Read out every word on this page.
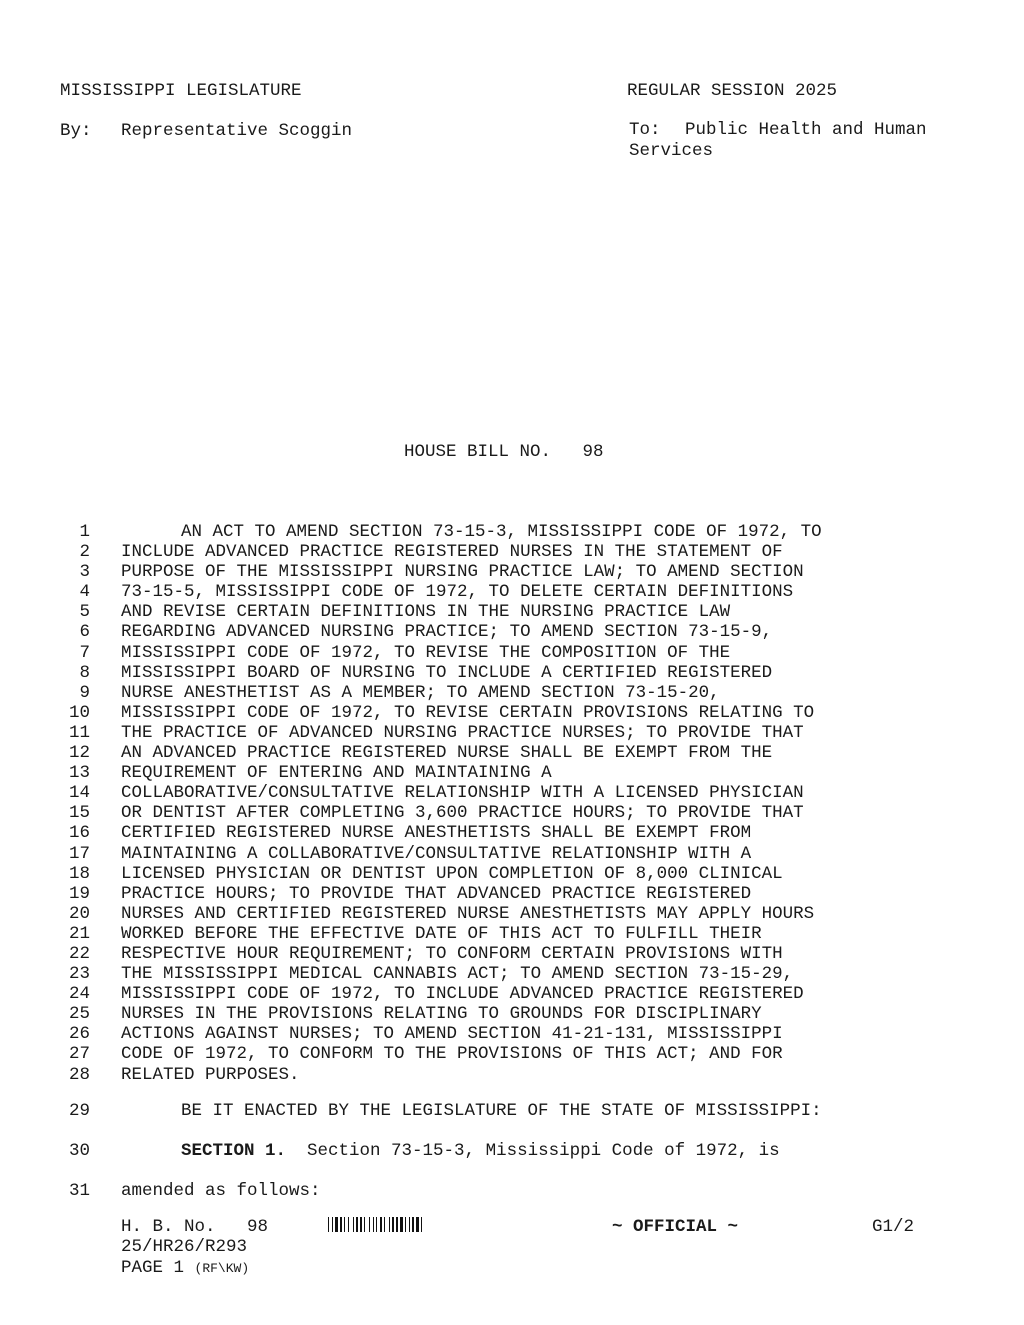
MISSISSIPPI LEGISLATURE	REGULAR SESSION 2025
By: Representative Scoggin	To: Public Health and Human
Services
HOUSE BILL NO.   98
1	AN ACT TO AMEND SECTION 73-15-3, MISSISSIPPI CODE OF 1972, TO
2 INCLUDE ADVANCED PRACTICE REGISTERED NURSES IN THE STATEMENT OF
3 PURPOSE OF THE MISSISSIPPI NURSING PRACTICE LAW; TO AMEND SECTION
4 73-15-5, MISSISSIPPI CODE OF 1972, TO DELETE CERTAIN DEFINITIONS
5 AND REVISE CERTAIN DEFINITIONS IN THE NURSING PRACTICE LAW
6 REGARDING ADVANCED NURSING PRACTICE; TO AMEND SECTION 73-15-9,
7 MISSISSIPPI CODE OF 1972, TO REVISE THE COMPOSITION OF THE
8 MISSISSIPPI BOARD OF NURSING TO INCLUDE A CERTIFIED REGISTERED
9 NURSE ANESTHETIST AS A MEMBER; TO AMEND SECTION 73-15-20,
10 MISSISSIPPI CODE OF 1972, TO REVISE CERTAIN PROVISIONS RELATING TO
11 THE PRACTICE OF ADVANCED NURSING PRACTICE NURSES; TO PROVIDE THAT
12 AN ADVANCED PRACTICE REGISTERED NURSE SHALL BE EXEMPT FROM THE
13 REQUIREMENT OF ENTERING AND MAINTAINING A
14 COLLABORATIVE/CONSULTATIVE RELATIONSHIP WITH A LICENSED PHYSICIAN
15 OR DENTIST AFTER COMPLETING 3,600 PRACTICE HOURS; TO PROVIDE THAT
16 CERTIFIED REGISTERED NURSE ANESTHETISTS SHALL BE EXEMPT FROM
17 MAINTAINING A COLLABORATIVE/CONSULTATIVE RELATIONSHIP WITH A
18 LICENSED PHYSICIAN OR DENTIST UPON COMPLETION OF 8,000 CLINICAL
19 PRACTICE HOURS; TO PROVIDE THAT ADVANCED PRACTICE REGISTERED
20 NURSES AND CERTIFIED REGISTERED NURSE ANESTHETISTS MAY APPLY HOURS
21 WORKED BEFORE THE EFFECTIVE DATE OF THIS ACT TO FULFILL THEIR
22 RESPECTIVE HOUR REQUIREMENT; TO CONFORM CERTAIN PROVISIONS WITH
23 THE MISSISSIPPI MEDICAL CANNABIS ACT; TO AMEND SECTION 73-15-29,
24 MISSISSIPPI CODE OF 1972, TO INCLUDE ADVANCED PRACTICE REGISTERED
25 NURSES IN THE PROVISIONS RELATING TO GROUNDS FOR DISCIPLINARY
26 ACTIONS AGAINST NURSES; TO AMEND SECTION 41-21-131, MISSISSIPPI
27 CODE OF 1972, TO CONFORM TO THE PROVISIONS OF THIS ACT; AND FOR
28 RELATED PURPOSES.
29	BE IT ENACTED BY THE LEGISLATURE OF THE STATE OF MISSISSIPPI:
30	SECTION 1.  Section 73-15-3, Mississippi Code of 1972, is
31 amended as follows:
H. B. No.   98	~ OFFICIAL ~	G1/2
25/HR26/R293
PAGE 1 (RF\KW)
